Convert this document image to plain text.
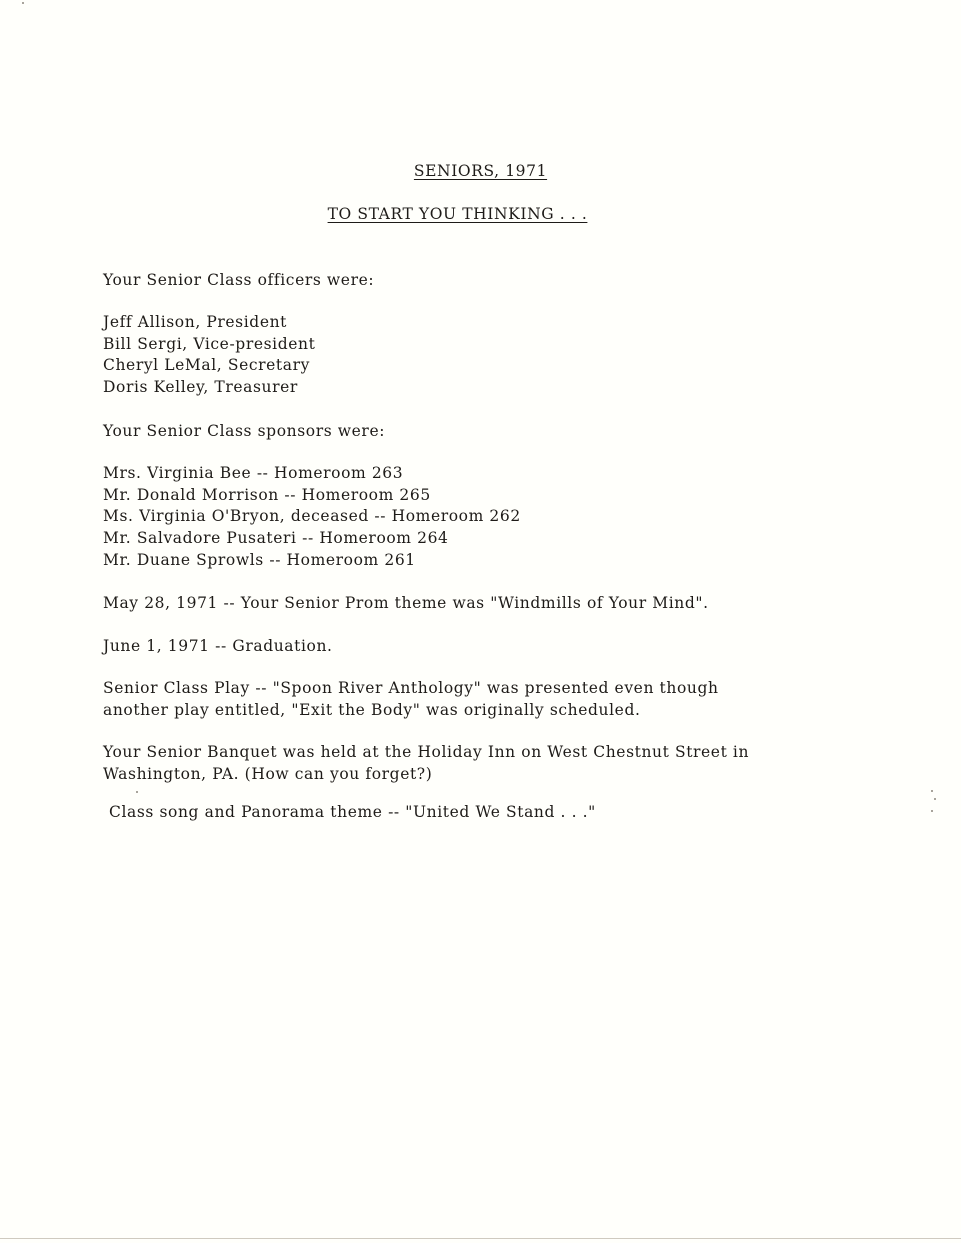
SENIORS, 1971
TO START YOU THINKING . . .
Your Senior Class officers were:
Jeff Allison, President
Bill Sergi, Vice-president
Cheryl LeMal, Secretary
Doris Kelley, Treasurer
Your Senior Class sponsors were:
Mrs. Virginia Bee -- Homeroom 263
Mr. Donald Morrison -- Homeroom 265
Ms. Virginia O'Bryon, deceased -- Homeroom 262
Mr. Salvadore Pusateri -- Homeroom 264
Mr. Duane Sprowls -- Homeroom 261
May 28, 1971 -- Your Senior Prom theme was "Windmills of Your Mind".
June 1, 1971 -- Graduation.
Senior Class Play -- "Spoon River Anthology" was presented even though
another play entitled, "Exit the Body" was originally scheduled.
Your Senior Banquet was held at the Holiday Inn on West Chestnut Street in
Washington, PA. (How can you forget?)
Class song and Panorama theme -- "United We Stand . . ."
